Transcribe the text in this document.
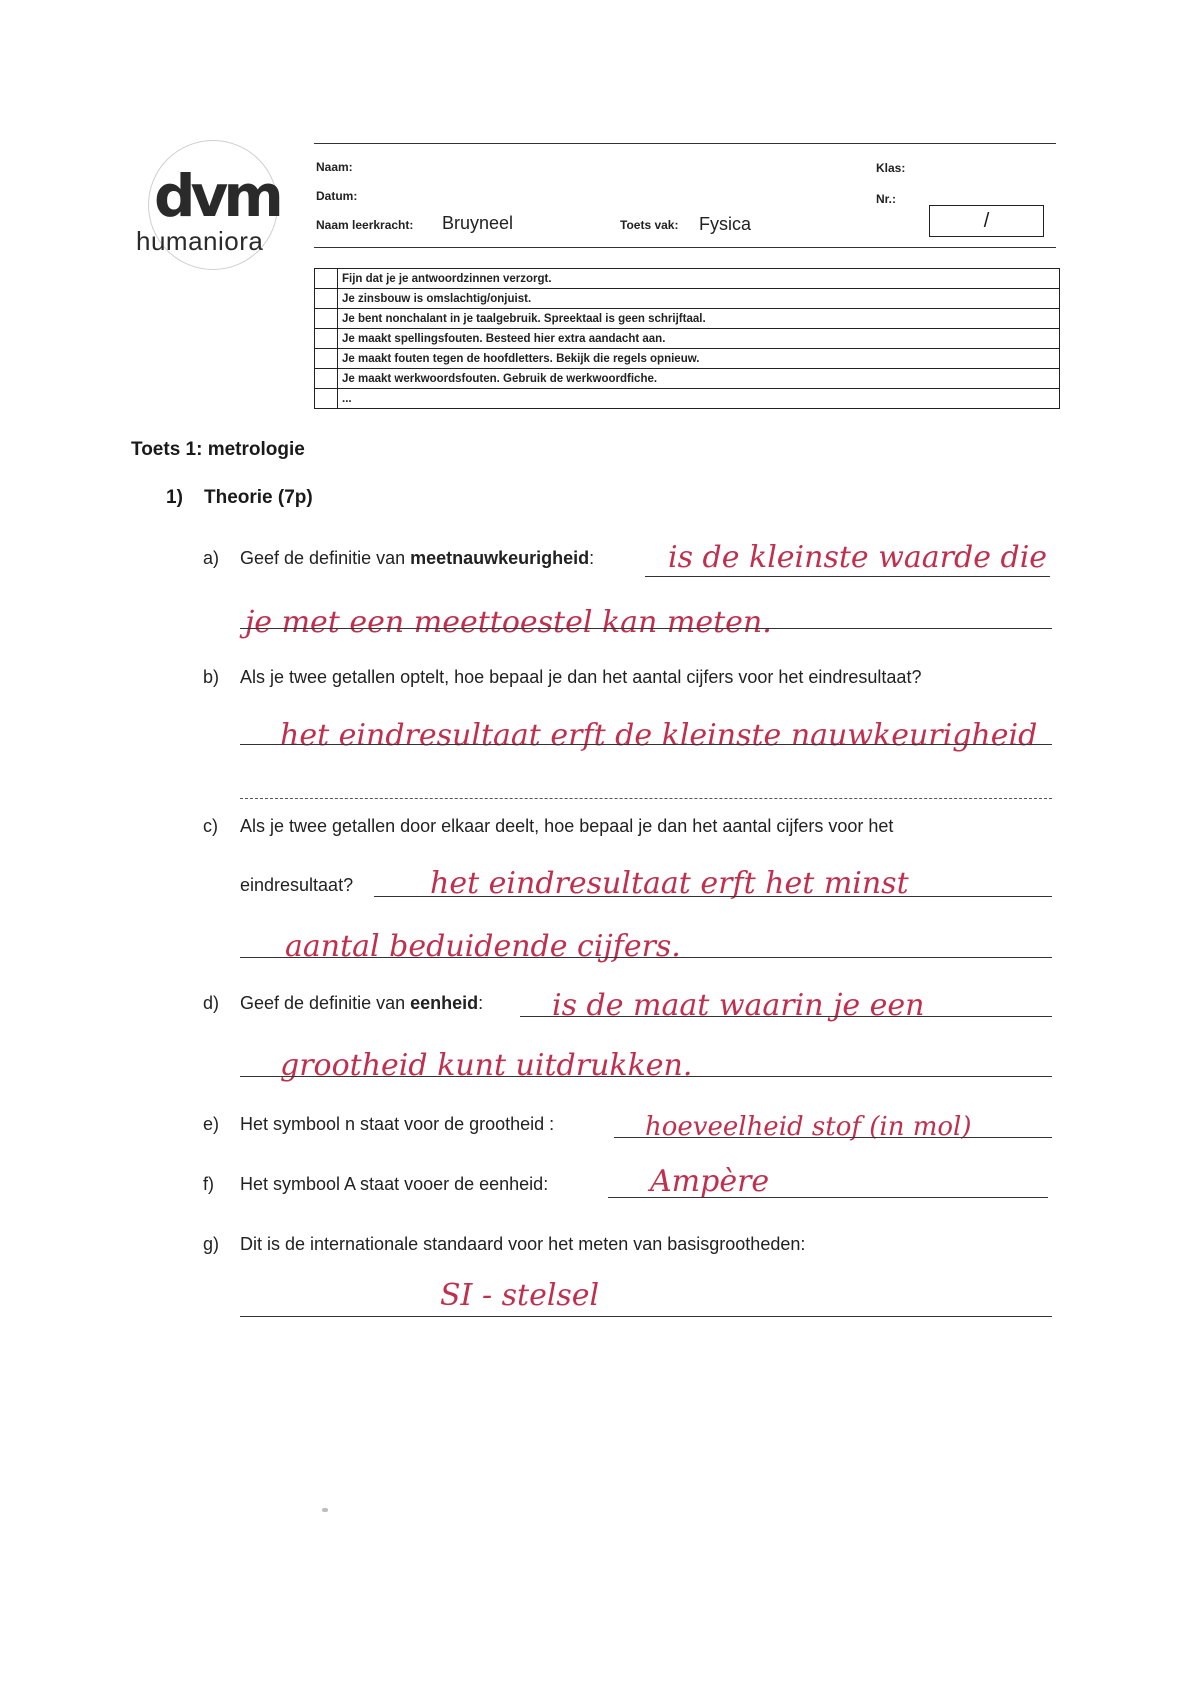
dvm
humaniora
Naam:	Klas:
Datum:	Nr.:
Naam leerkracht: Bruyneel	Toets vak: Fysica	/
	Fijn dat je je antwoordzinnen verzorgt.
	Je zinsbouw is omslachtig/onjuist.
	Je bent nonchalant in je taalgebruik. Spreektaal is geen schrijftaal.
	Je maakt spellingsfouten. Besteed hier extra aandacht aan.
	Je maakt fouten tegen de hoofdletters. Bekijk die regels opnieuw.
	Je maakt werkwoordsfouten. Gebruik de werkwoordfiche.
	...
Toets 1: metrologie
1) Theorie (7p)
a) Geef de definitie van meetnauwkeurigheid: is de kleinste waarde die
je met een meettoestel kan meten.
b) Als je twee getallen optelt, hoe bepaal je dan het aantal cijfers voor het eindresultaat?
het eindresultaat erft de kleinste nauwkeurigheid
c) Als je twee getallen door elkaar deelt, hoe bepaal je dan het aantal cijfers voor het
eindresultaat?	het eindresultaat erft het minst
aantal beduidende cijfers.
d) Geef de definitie van eenheid: is de maat waarin je een
grootheid kunt uitdrukken.
e) Het symbool n staat voor de grootheid :	hoeveelheid stof (in mol)
f) Het symbool A staat vooer de eenheid:	Ampère
g) Dit is de internationale standaard voor het meten van basisgrootheden:
SI - stelsel
